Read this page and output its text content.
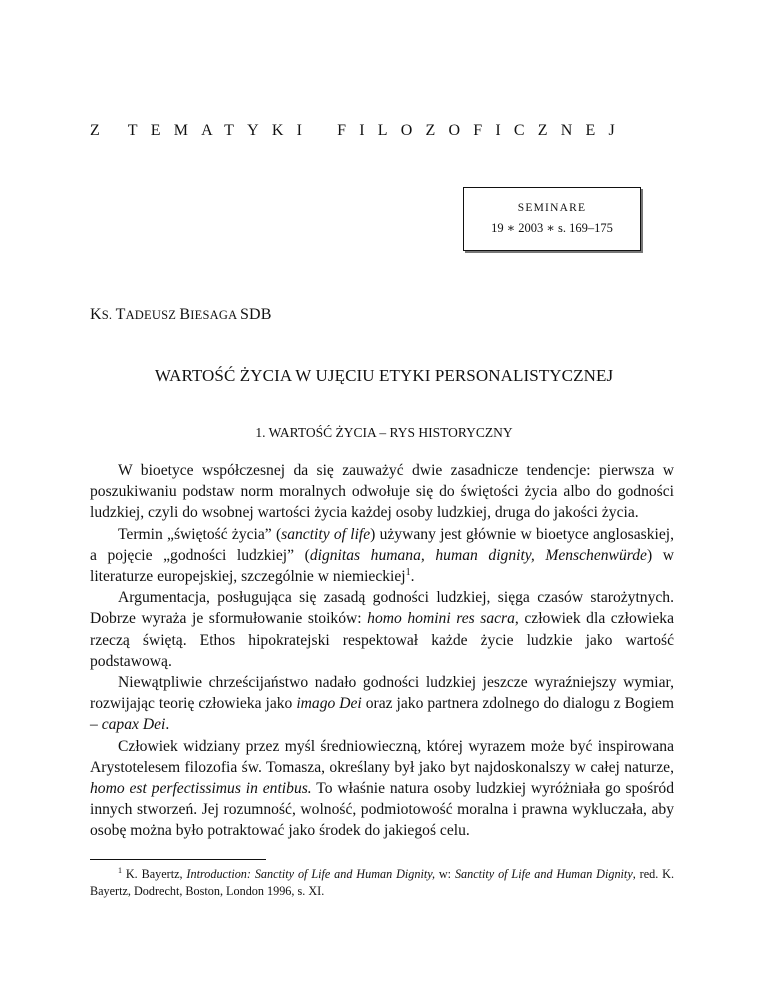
Z TEMATYKI FILOZOFICZNEJ
SEMINARE
19 ∗ 2003 ∗ s. 169–175
KS. TADEUSZ BIESAGA SDB
WARTOŚĆ ŻYCIA W UJĘCIU ETYKI PERSONALISTYCZNEJ
1. WARTOŚĆ ŻYCIA – RYS HISTORYCZNY

W bioetyce współczesnej da się zauważyć dwie zasadnicze tendencje: pierwsza w poszukiwaniu podstaw norm moralnych odwołuje się do świętości życia albo do godności ludzkiej, czyli do wsobnej wartości życia każdej osoby ludzkiej, druga do jakości życia.

Termin „świętość życia” (sanctity of life) używany jest głównie w bioetyce anglosaskiej, a pojęcie „godności ludzkiej” (dignitas humana, human dignity, Menschenwürde) w literaturze europejskiej, szczególnie w niemieckiej$^1$.

Argumentacja, posługująca się zasadą godności ludzkiej, sięga czasów starożytnych. Dobrze wyraża je sformułowanie stoików: homo homini res sacra, człowiek dla człowieka rzeczą świętą. Ethos hipokratejski respektował każde życie ludzkie jako wartość podstawową.

Niewątpliwie chrześcijaństwo nadało godności ludzkiej jeszcze wyraźniejszy wymiar, rozwijając teorię człowieka jako imago Dei oraz jako partnera zdolnego do dialogu z Bogiem – capax Dei.

Człowiek widziany przez myśl średniowieczną, której wyrazem może być inspirowana Arystotelesem filozofia św. Tomasza, określany był jako byt najdoskonalszy w całej naturze, homo est perfectissimus in entibus. To właśnie natura osoby ludzkiej wyróżniała go spośród innych stworzeń. Jej rozumność, wolność, podmiotowość moralna i prawna wykluczała, aby osobę można było potraktować jako środek do jakiegoś celu.

$^1$ K. Bayertz, Introduction: Sanctity of Life and Human Dignity, w: Sanctity of Life and Human Dignity, red. K. Bayertz, Dodrecht, Boston, London 1996, s. XI.
